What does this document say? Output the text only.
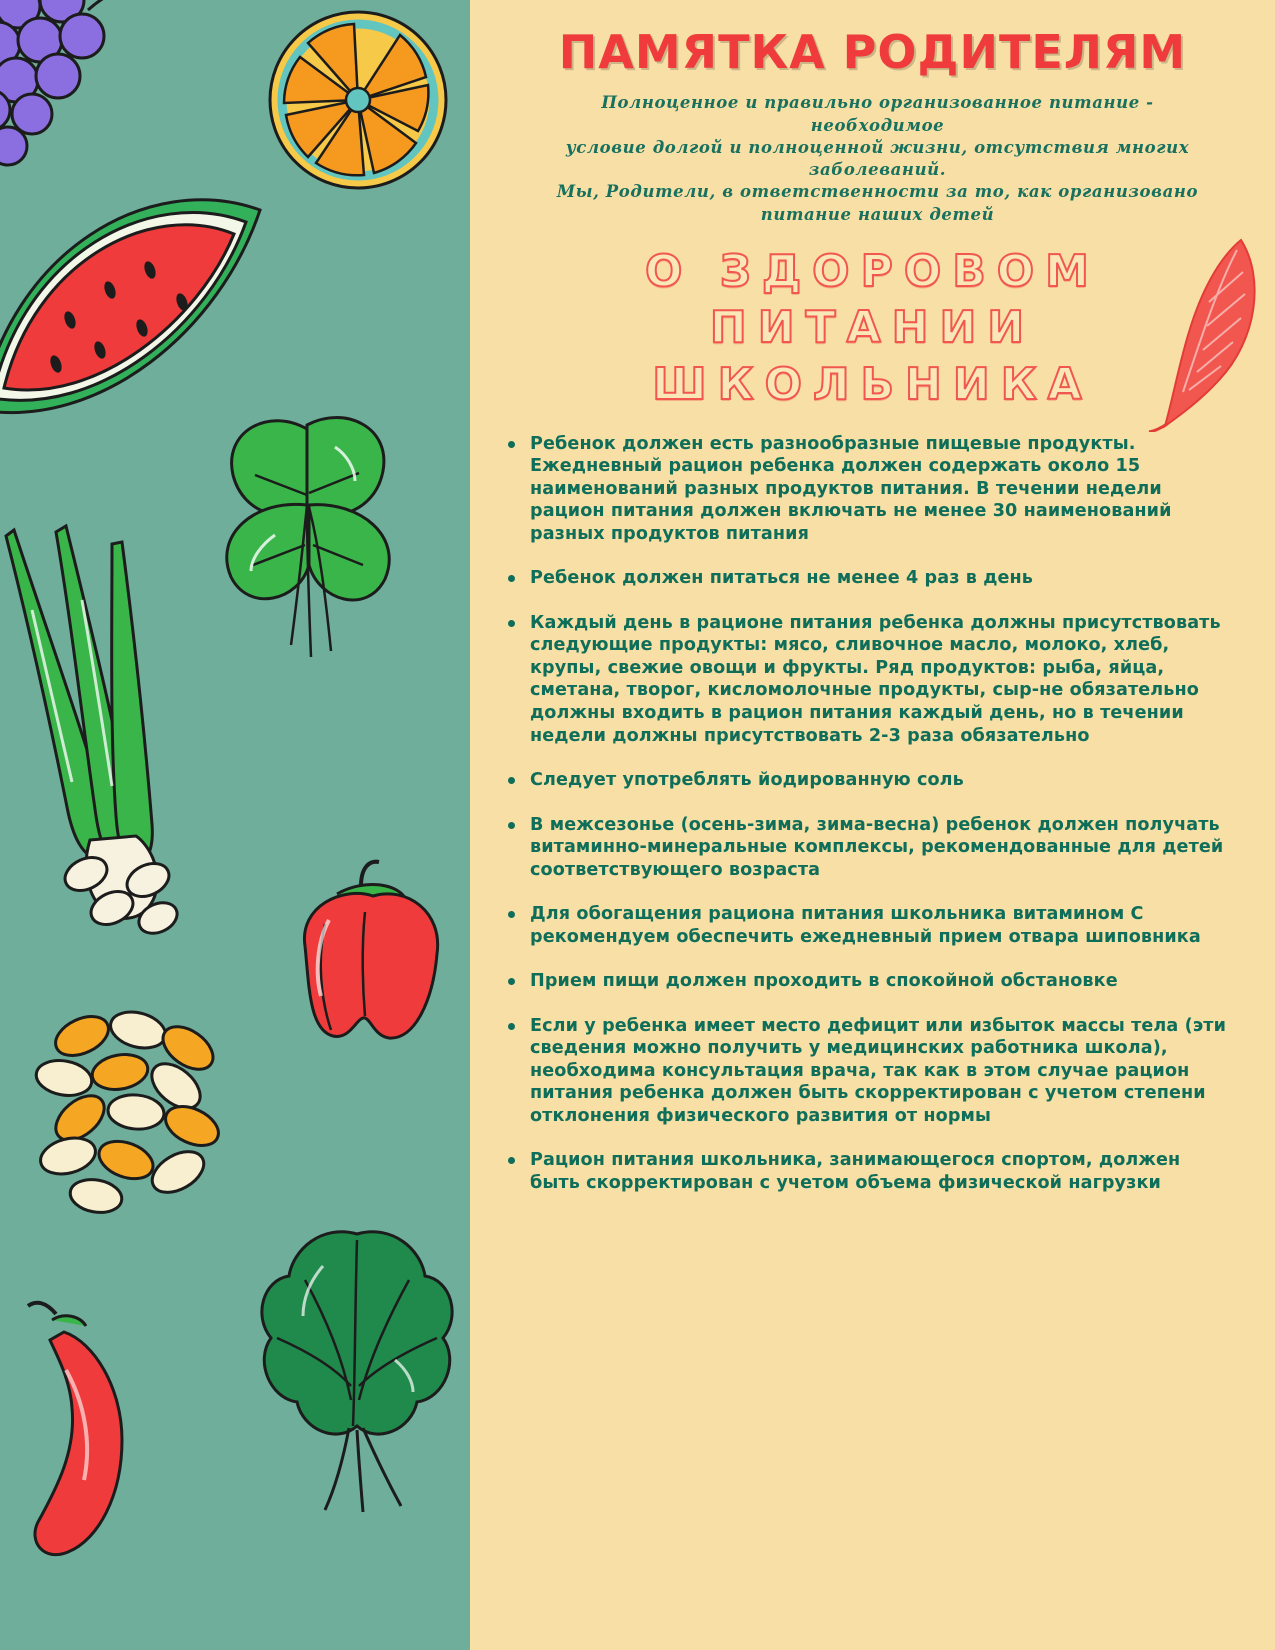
ПАМЯТКА РОДИТЕЛЯМ
Полноценное и правильно организованное питание -
необходимое
условие долгой и полноценной жизни, отсутствия многих
заболеваний.
Мы, Родители, в ответственности за то, как организовано
питание наших детей
О ЗДОРОВОМ
ПИТАНИИ
ШКОЛЬНИКА
Ребенок должен есть разнообразные пищевые продукты. Ежедневный рацион ребенка должен содержать около 15 наименований разных продуктов питания. В течении недели рацион питания должен включать не менее 30 наименований разных продуктов питания
Ребенок должен питаться не менее 4 раз в день
Каждый день в рационе питания ребенка должны присутствовать следующие продукты: мясо, сливочное масло, молоко, хлеб, крупы, свежие овощи и фрукты. Ряд продуктов: рыба, яйца, сметана, творог, кисломолочные продукты, сыр-не обязательно должны входить в рацион питания каждый день, но в течении недели должны присутствовать 2-3 раза обязательно
Следует употреблять йодированную соль
В межсезонье (осень-зима, зима-весна) ребенок должен получать витаминно-минеральные комплексы, рекомендованные для детей соответствующего возраста
Для обогащения рациона питания школьника витамином С рекомендуем обеспечить ежедневный прием отвара шиповника
Прием пищи должен проходить в спокойной обстановке
Если у ребенка имеет место дефицит или избыток массы тела (эти сведения можно получить у медицинских работника школа), необходима консультация врача, так как в этом случае рацион питания ребенка должен быть скорректирован с учетом степени отклонения физического развития от нормы
Рацион питания школьника, занимающегося спортом, должен быть скорректирован с учетом объема физической нагрузки
